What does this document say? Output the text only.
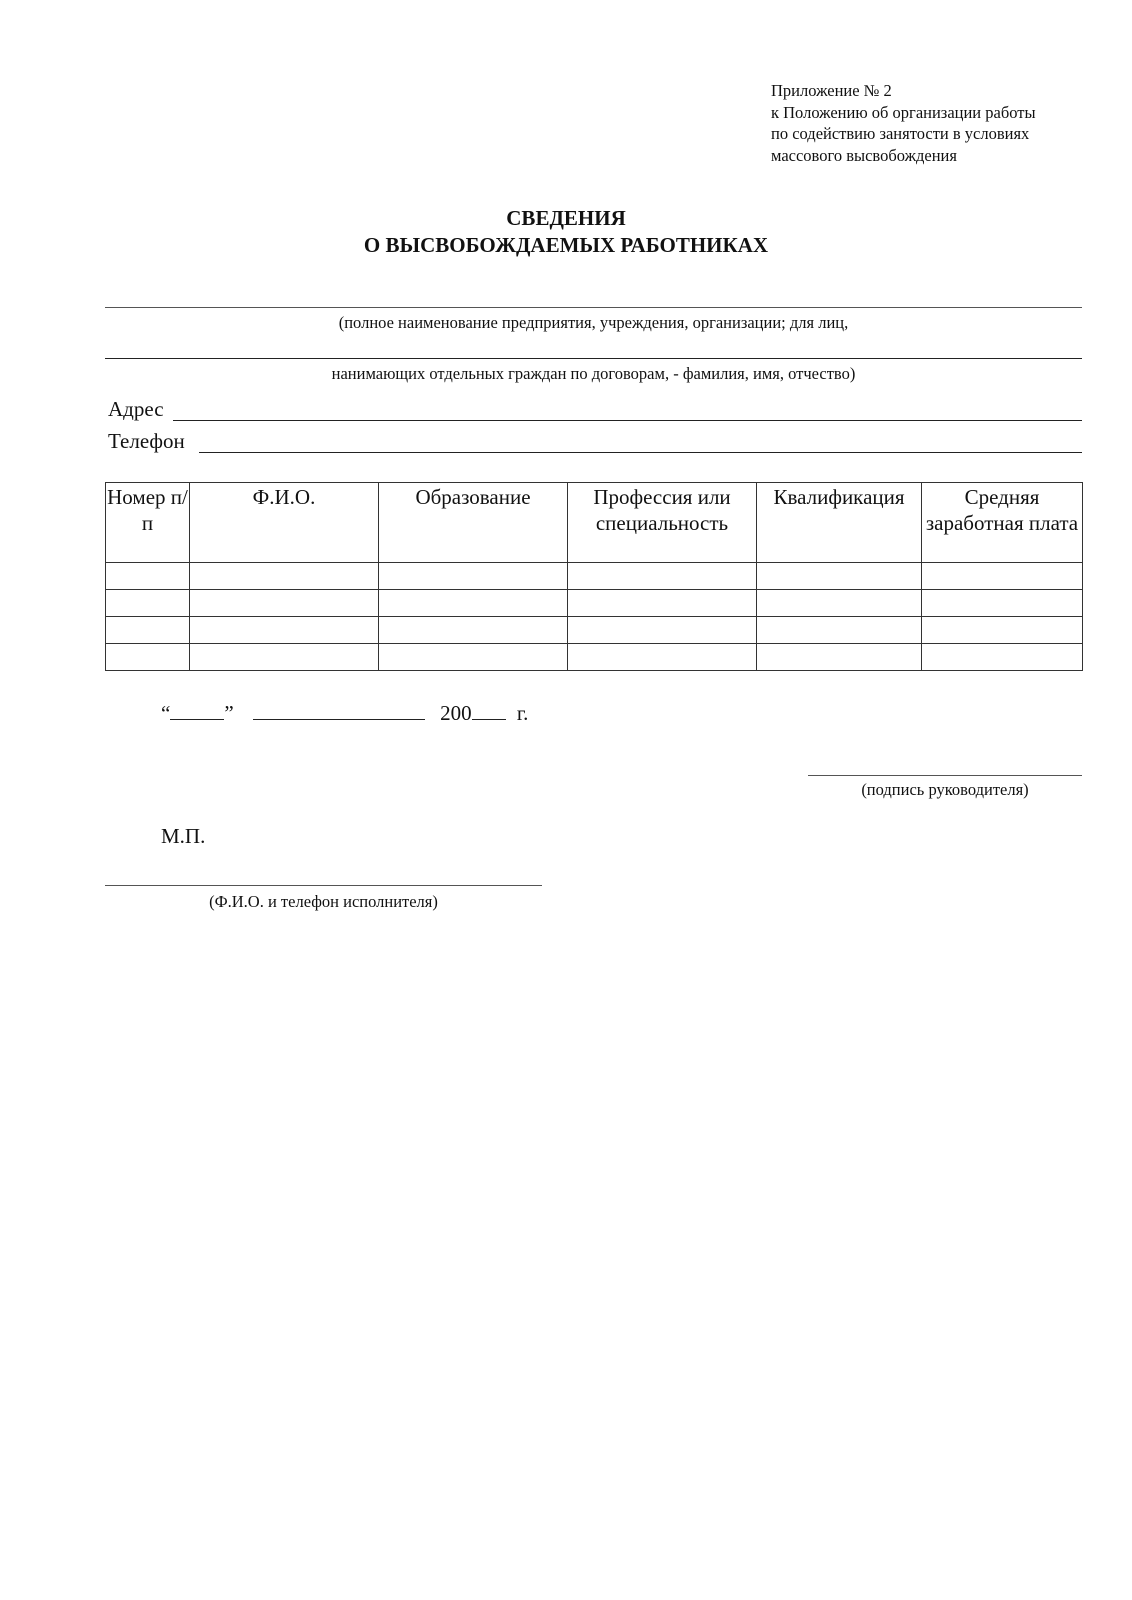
Приложение № 2
к Положению об организации работы
по содействию занятости в условиях
массового высвобождения
СВЕДЕНИЯ
О ВЫСВОБОЖДАЕМЫХ РАБОТНИКАХ
(полное наименование предприятия, учреждения, организации; для лиц,
нанимающих отдельных граждан по договорам, - фамилия, имя, отчество)
Адрес
Телефон
Номер п/п	Ф.И.О.	Образование	Профессия или специальность	Квалификация	Средняя заработная плата

“	”	200 г.
(подпись руководителя)
М.П.
(Ф.И.О. и телефон исполнителя)
